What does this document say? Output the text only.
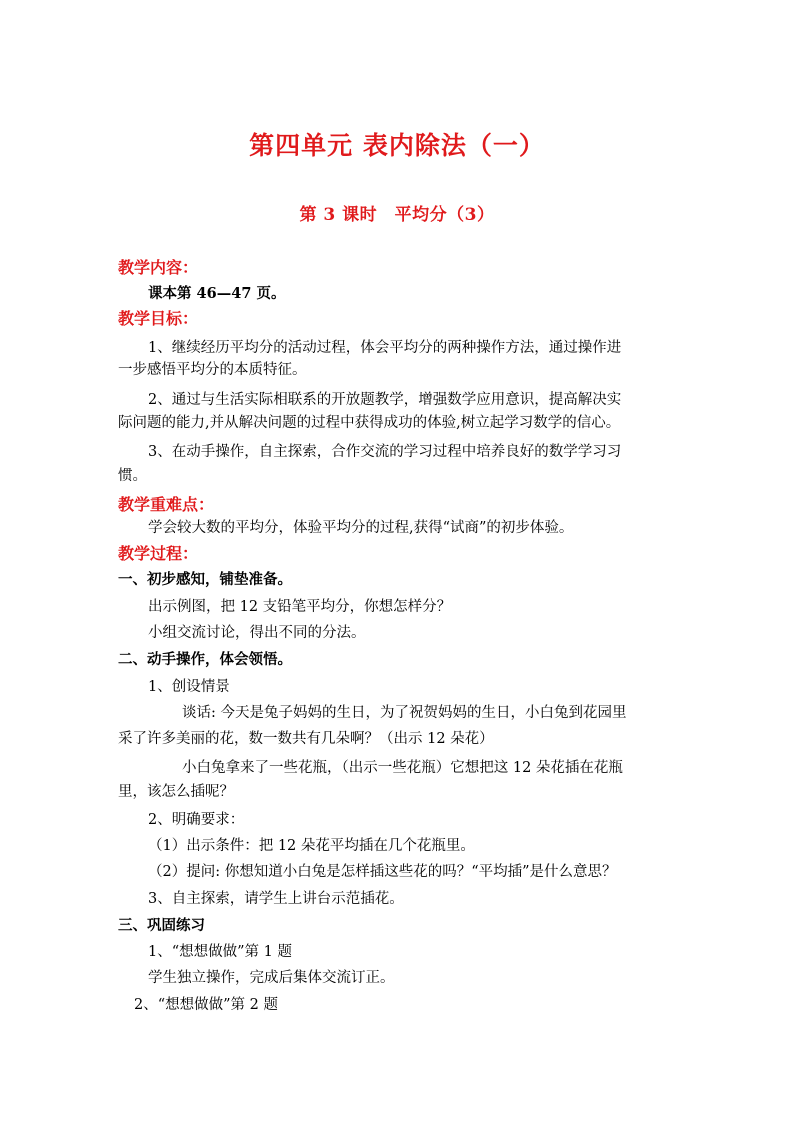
第四单元 表内除法（一）
第 3 课时　平均分（3）
教学内容：
课本第 46—47 页。
教学目标：
1、继续经历平均分的活动过程，体会平均分的两种操作方法，通过操作进
一步感悟平均分的本质特征。
2、通过与生活实际相联系的开放题教学，增强数学应用意识，提高解决实
际问题的能力,并从解决问题的过程中获得成功的体验,树立起学习数学的信心。
3、在动手操作，自主探索，合作交流的学习过程中培养良好的数学学习习
惯。
教学重难点：
学会较大数的平均分，体验平均分的过程,获得“试商”的初步体验。
教学过程：
一、初步感知，铺垫准备。
出示例图，把 12 支铅笔平均分，你想怎样分？
小组交流讨论，得出不同的分法。
二、动手操作，体会领悟。
1、创设情景
谈话: 今天是兔子妈妈的生日，为了祝贺妈妈的生日，小白兔到花园里
采了许多美丽的花，数一数共有几朵啊？（出示 12 朵花）
小白兔拿来了一些花瓶，（出示一些花瓶）它想把这 12 朵花插在花瓶
里，该怎么插呢？
2、明确要求：
（1）出示条件：把 12 朵花平均插在几个花瓶里。
（2）提问: 你想知道小白兔是怎样插这些花的吗？“平均插”是什么意思？
3、自主探索，请学生上讲台示范插花。
三、巩固练习
1、“想想做做”第 1 题
学生独立操作，完成后集体交流订正。
2、“想想做做”第 2 题
